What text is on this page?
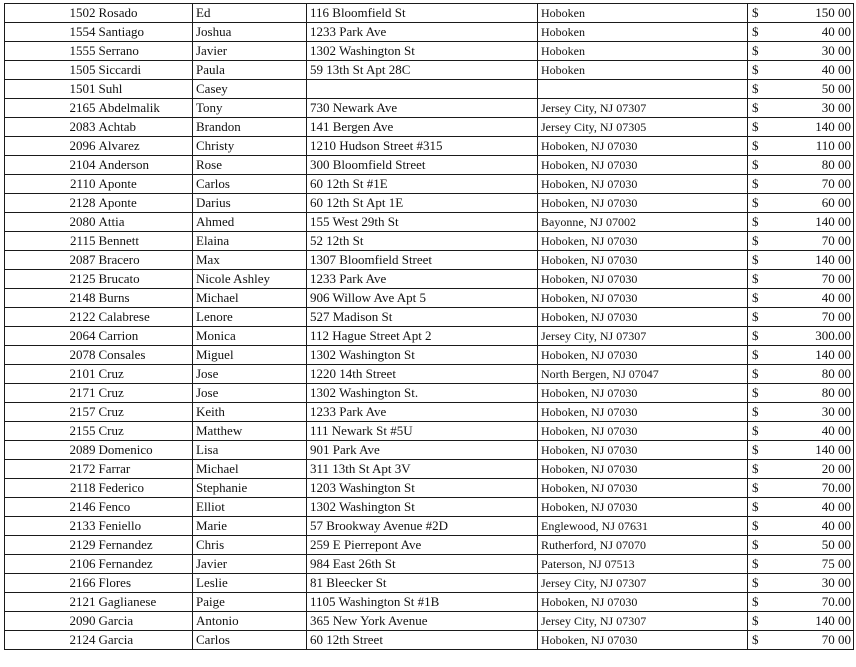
1502	Rosado	Ed	116 Bloomfield St	Hoboken	$	150 00
1554	Santiago	Joshua	1233 Park Ave	Hoboken	$	40 00
1555	Serrano	Javier	1302 Washington St	Hoboken	$	30 00
1505	Siccardi	Paula	59 13th St Apt 28C	Hoboken	$	40 00
1501	Suhl	Casey			$	50 00
2165	Abdelmalik	Tony	730 Newark Ave	Jersey City, NJ 07307	$	30 00
2083	Achtab	Brandon	141 Bergen Ave	Jersey City, NJ 07305	$	140 00
2096	Alvarez	Christy	1210 Hudson Street #315	Hoboken, NJ 07030	$	110 00
2104	Anderson	Rose	300 Bloomfield Street	Hoboken, NJ 07030	$	80 00
2110	Aponte	Carlos	60 12th St #1E	Hoboken, NJ 07030	$	70 00
2128	Aponte	Darius	60 12th St Apt 1E	Hoboken, NJ 07030	$	60 00
2080	Attia	Ahmed	155 West 29th St	Bayonne, NJ 07002	$	140 00
2115	Bennett	Elaina	52 12th St	Hoboken, NJ 07030	$	70 00
2087	Bracero	Max	1307 Bloomfield Street	Hoboken, NJ 07030	$	140 00
2125	Brucato	Nicole Ashley	1233 Park Ave	Hoboken, NJ 07030	$	70 00
2148	Burns	Michael	906 Willow Ave Apt 5	Hoboken, NJ 07030	$	40 00
2122	Calabrese	Lenore	527 Madison St	Hoboken, NJ 07030	$	70 00
2064	Carrion	Monica	112 Hague Street Apt 2	Jersey City, NJ 07307	$	300.00
2078	Consales	Miguel	1302 Washington St	Hoboken, NJ 07030	$	140 00
2101	Cruz	Jose	1220 14th Street	North Bergen, NJ 07047	$	80 00
2171	Cruz	Jose	1302 Washington St.	Hoboken, NJ 07030	$	80 00
2157	Cruz	Keith	1233 Park Ave	Hoboken, NJ 07030	$	30 00
2155	Cruz	Matthew	111 Newark St #5U	Hoboken, NJ 07030	$	40 00
2089	Domenico	Lisa	901 Park Ave	Hoboken, NJ 07030	$	140 00
2172	Farrar	Michael	311 13th St Apt 3V	Hoboken, NJ 07030	$	20 00
2118	Federico	Stephanie	1203 Washington St	Hoboken, NJ 07030	$	70.00
2146	Fenco	Elliot	1302 Washington St	Hoboken, NJ 07030	$	40 00
2133	Feniello	Marie	57 Brookway Avenue #2D	Englewood, NJ 07631	$	40 00
2129	Fernandez	Chris	259 E Pierrepont Ave	Rutherford, NJ 07070	$	50 00
2106	Fernandez	Javier	984 East 26th St	Paterson, NJ 07513	$	75 00
2166	Flores	Leslie	81 Bleecker St	Jersey City, NJ 07307	$	30 00
2121	Gaglianese	Paige	1105 Washington St #1B	Hoboken, NJ 07030	$	70.00
2090	Garcia	Antonio	365 New York Avenue	Jersey City, NJ 07307	$	140 00
2124	Garcia	Carlos	60 12th Street	Hoboken, NJ 07030	$	70 00
